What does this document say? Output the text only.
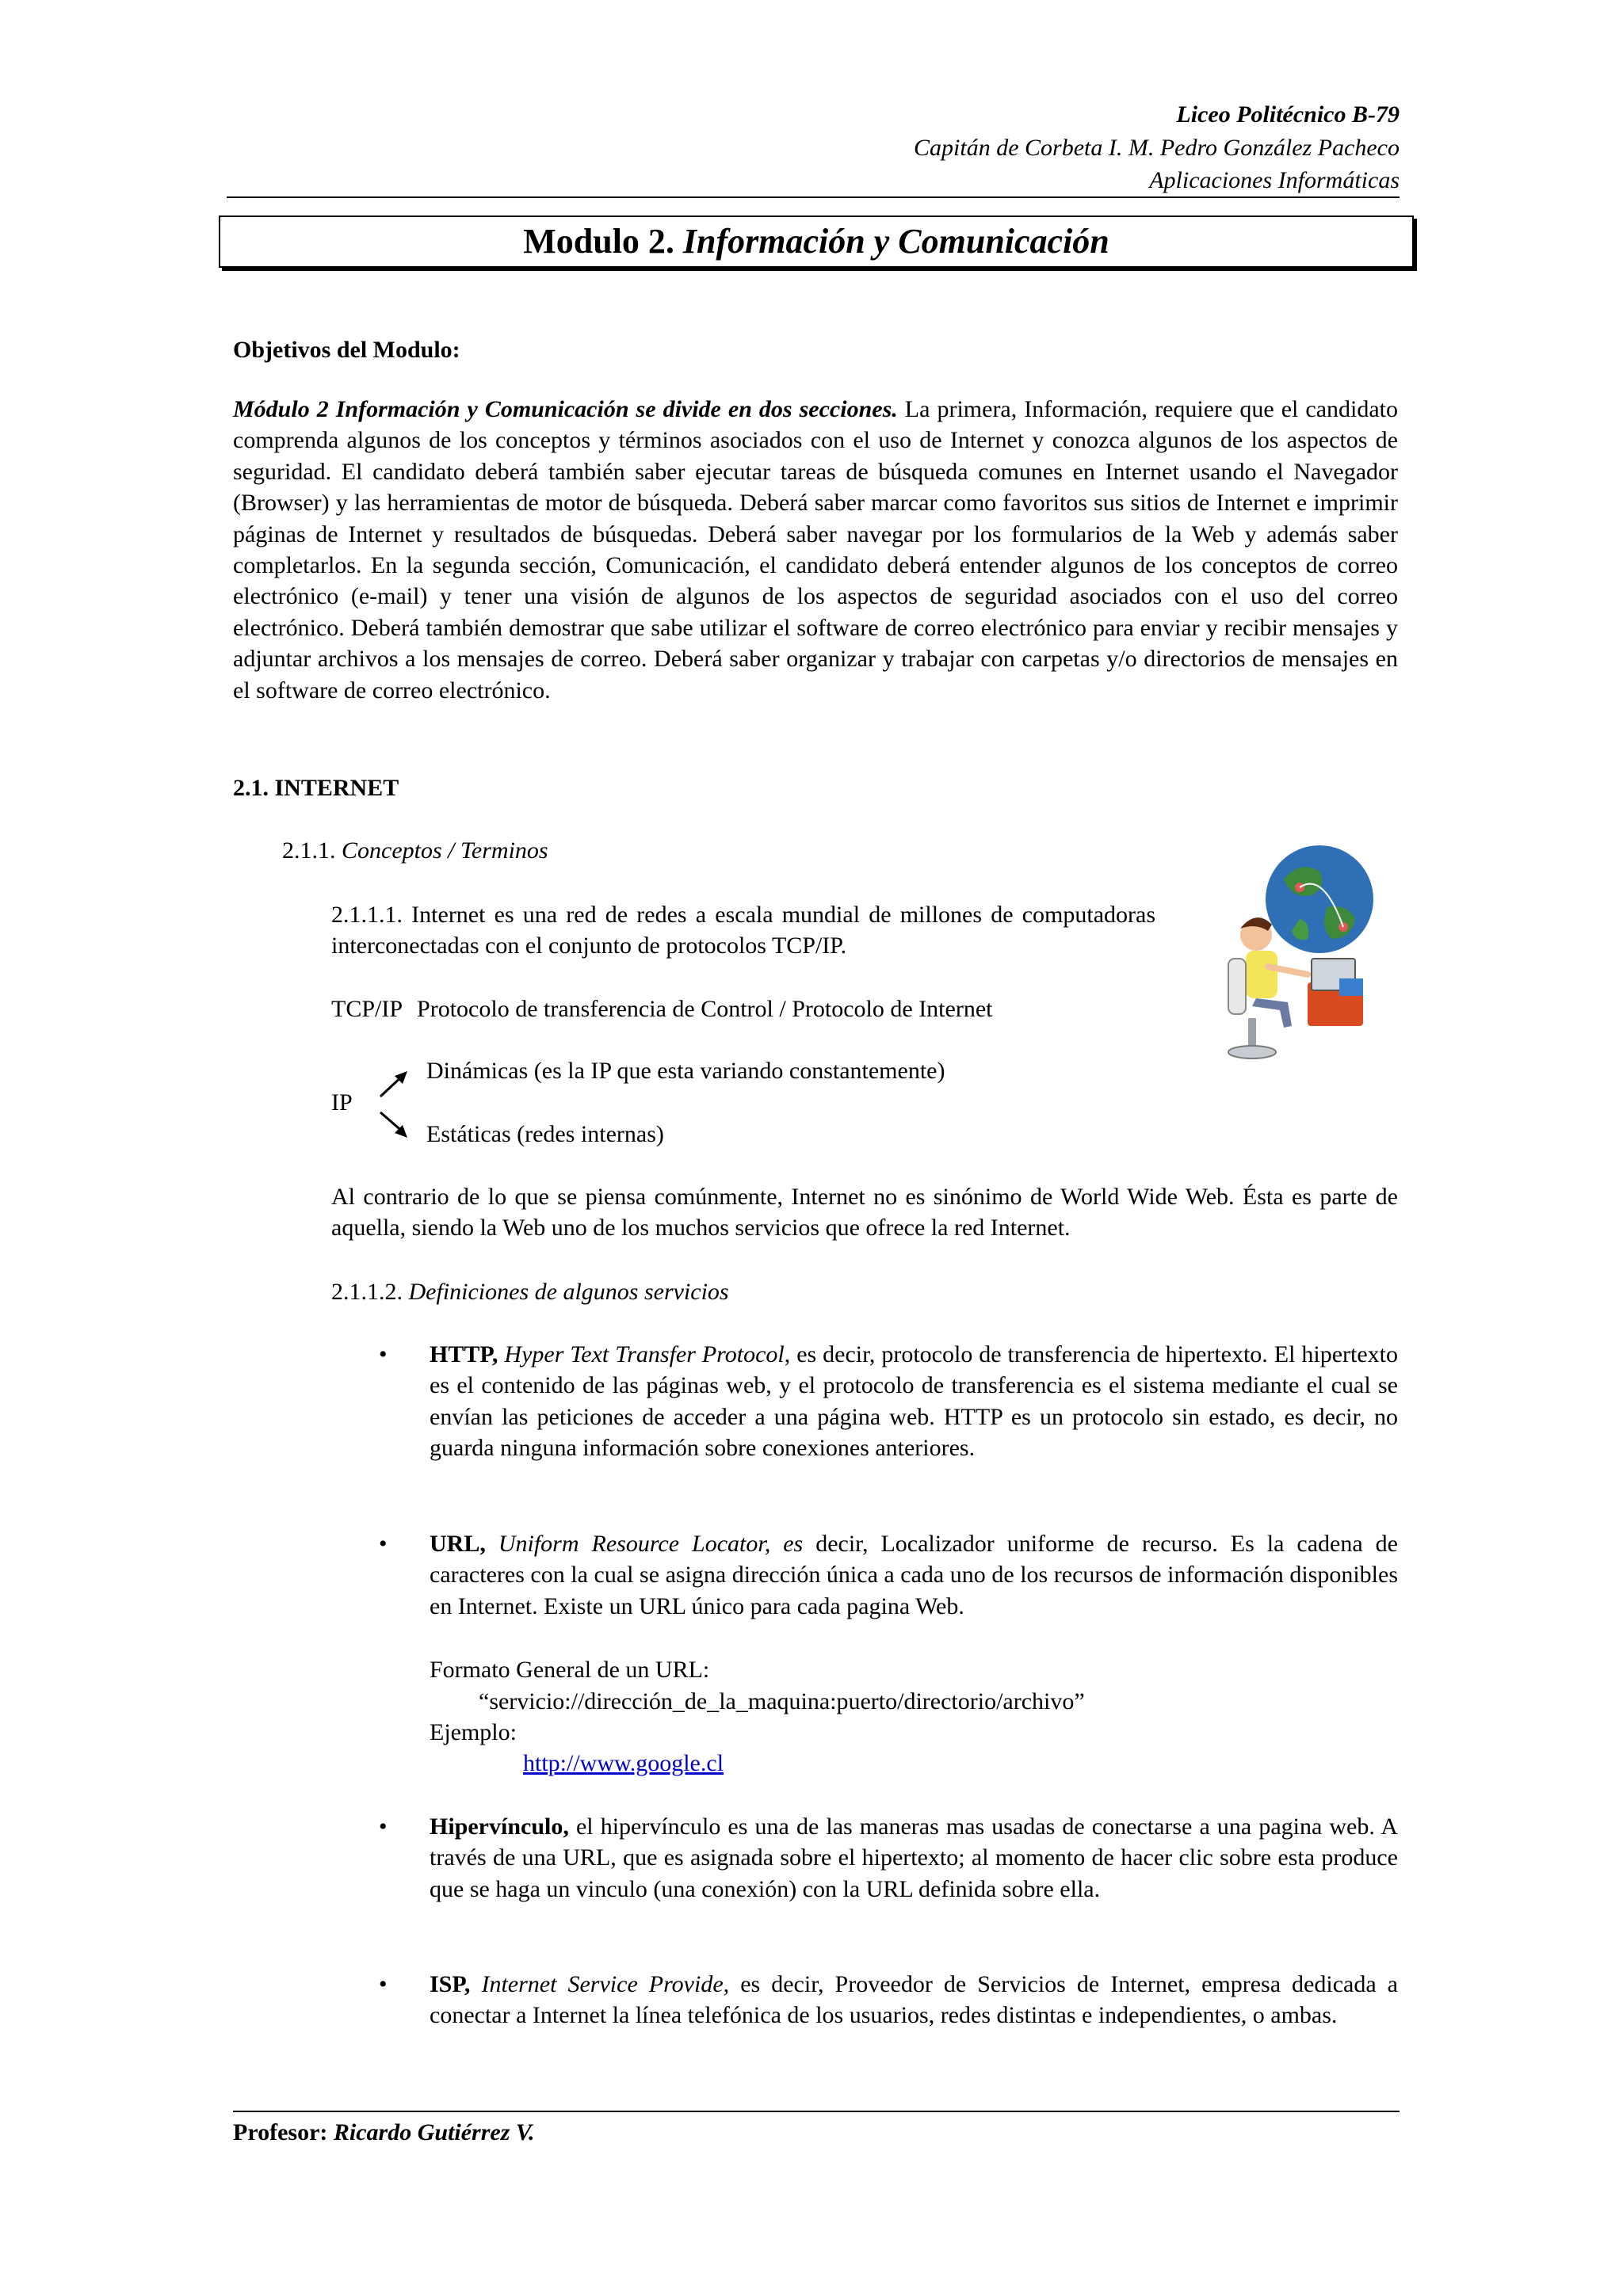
Liceo Politécnico B-79
Capitán de Corbeta I. M. Pedro González Pacheco
Aplicaciones Informáticas
Modulo 2. Información y Comunicación
Objetivos del Modulo:
Módulo 2 Información y Comunicación se divide en dos secciones. La primera, Información, requiere que el candidato comprenda algunos de los conceptos y términos asociados con el uso de Internet y conozca algunos de los aspectos de seguridad. El candidato deberá también saber ejecutar tareas de búsqueda comunes en Internet usando el Navegador (Browser) y las herramientas de motor de búsqueda. Deberá saber marcar como favoritos sus sitios de Internet e imprimir páginas de Internet y resultados de búsquedas. Deberá saber navegar por los formularios de la Web y además saber completarlos. En la segunda sección, Comunicación, el candidato deberá entender algunos de los conceptos de correo electrónico (e-mail) y tener una visión de algunos de los aspectos de seguridad asociados con el uso del correo electrónico. Deberá también demostrar que sabe utilizar el software de correo electrónico para enviar y recibir mensajes y adjuntar archivos a los mensajes de correo. Deberá saber organizar y trabajar con carpetas y/o directorios de mensajes en el software de correo electrónico.
2.1. INTERNET
2.1.1. Conceptos / Terminos
2.1.1.1. Internet es una red de redes a escala mundial de millones de computadoras interconectadas con el conjunto de protocolos TCP/IP.
TCP/IP Protocolo de transferencia de Control / Protocolo de Internet
Dinámicas (es la IP que esta variando constantemente)
IP
Estáticas (redes internas)
Al contrario de lo que se piensa comúnmente, Internet no es sinónimo de World Wide Web. Ésta es parte de aquella, siendo la Web uno de los muchos servicios que ofrece la red Internet.
2.1.1.2. Definiciones de algunos servicios
• HTTP, Hyper Text Transfer Protocol, es decir, protocolo de transferencia de hipertexto. El hipertexto es el contenido de las páginas web, y el protocolo de transferencia es el sistema mediante el cual se envían las peticiones de acceder a una página web. HTTP es un protocolo sin estado, es decir, no guarda ninguna información sobre conexiones anteriores.
• URL, Uniform Resource Locator, es decir, Localizador uniforme de recurso. Es la cadena de caracteres con la cual se asigna dirección única a cada uno de los recursos de información disponibles en Internet. Existe un URL único para cada pagina Web.
Formato General de un URL:
“servicio://dirección_de_la_maquina:puerto/directorio/archivo”
Ejemplo:
http://www.google.cl
• Hipervínculo, el hipervínculo es una de las maneras mas usadas de conectarse a una pagina web. A través de una URL, que es asignada sobre el hipertexto; al momento de hacer clic sobre esta produce que se haga un vinculo (una conexión) con la URL definida sobre ella.
• ISP, Internet Service Provide, es decir, Proveedor de Servicios de Internet, empresa dedicada a conectar a Internet la línea telefónica de los usuarios, redes distintas e independientes, o ambas.
Profesor: Ricardo Gutiérrez V.
